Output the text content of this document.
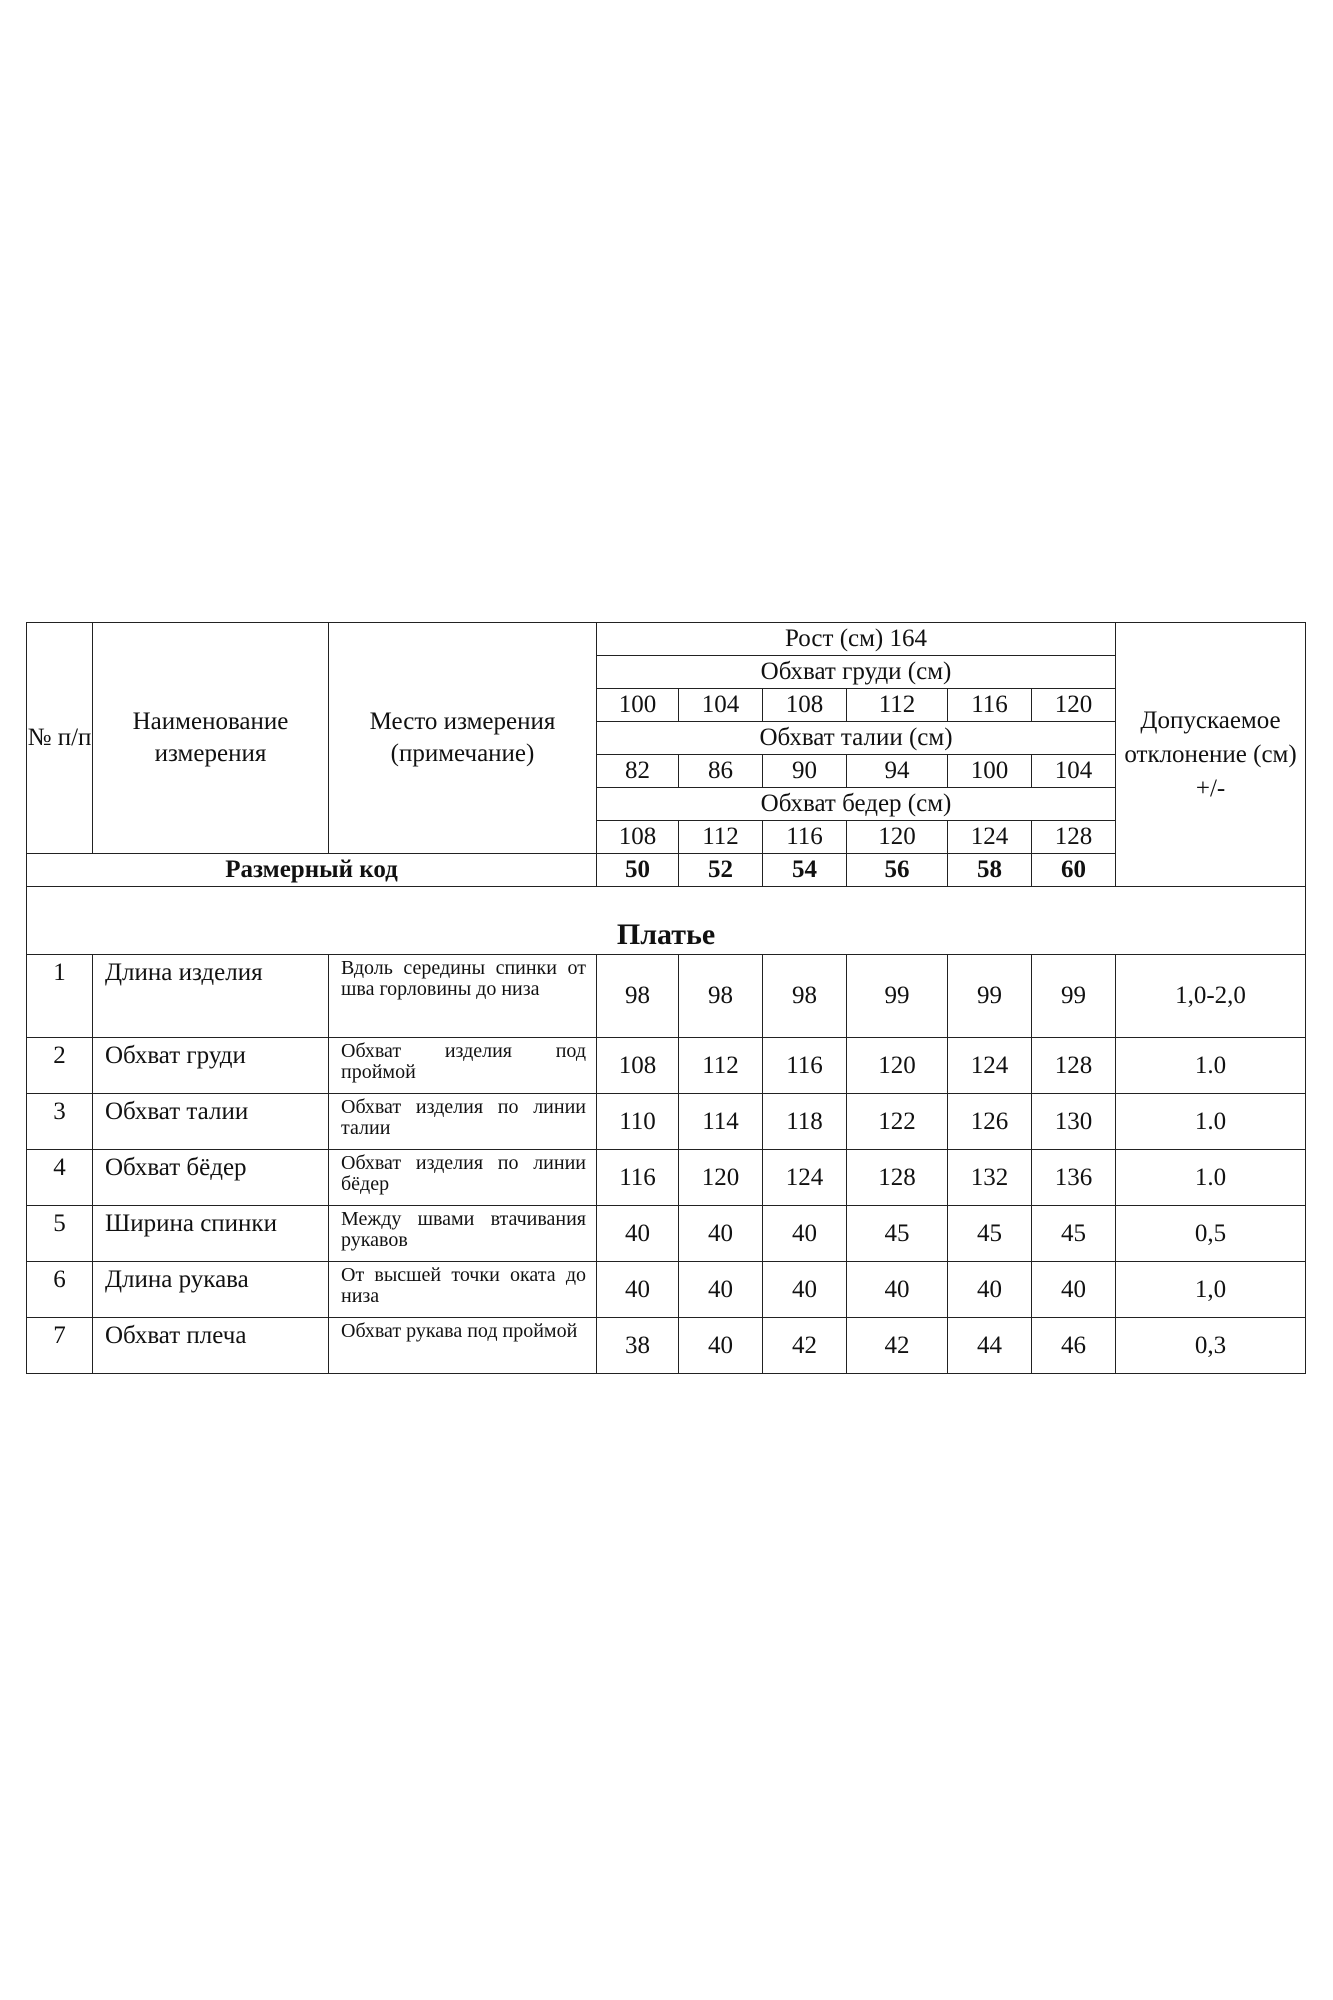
№ п/п	Наименование измерения	Место измерения (примечание)	Рост (см) 164						Допускаемое отклонение (см) +/-
			Обхват груди (см)						
			100	104	108	112	116	120	
			Обхват талии (см)						
			82	86	90	94	100	104	
			Обхват бедер (см)						
			108	112	116	120	124	128	
Размерный код			50	52	54	56	58	60	
Платье									
1	Длина изделия	Вдоль середины спинки от шва горловины до низа	98	98	98	99	99	99	1,0-2,0
2	Обхват груди	Обхват изделия под проймой	108	112	116	120	124	128	1.0
3	Обхват талии	Обхват изделия по линии талии	110	114	118	122	126	130	1.0
4	Обхват бёдер	Обхват изделия по линии бёдер	116	120	124	128	132	136	1.0
5	Ширина спинки	Между швами втачивания рукавов	40	40	40	45	45	45	0,5
6	Длина рукава	От высшей точки оката до низа	40	40	40	40	40	40	1,0
7	Обхват плеча	Обхват рукава под проймой	38	40	42	42	44	46	0,3
